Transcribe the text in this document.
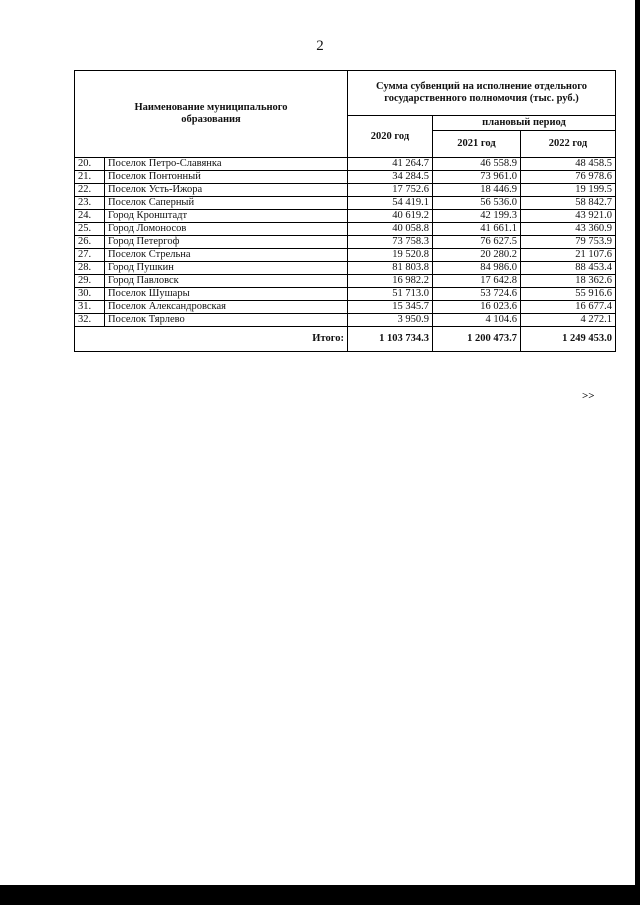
2
Наименование муниципального образования		Сумма субвенций на исполнение отдельного государственного полномочия (тыс. руб.)		
		2020 год	плановый период	
			2021 год	2022 год
20.	Поселок Петро-Славянка	41 264.7	46 558.9	48 458.5
21.	Поселок Понтонный	34 284.5	73 961.0	76 978.6
22.	Поселок Усть-Ижора	17 752.6	18 446.9	19 199.5
23.	Поселок Саперный	54 419.1	56 536.0	58 842.7
24.	Город Кронштадт	40 619.2	42 199.3	43 921.0
25.	Город Ломоносов	40 058.8	41 661.1	43 360.9
26.	Город Петергоф	73 758.3	76 627.5	79 753.9
27.	Поселок Стрельна	19 520.8	20 280.2	21 107.6
28.	Город Пушкин	81 803.8	84 986.0	88 453.4
29.	Город Павловск	16 982.2	17 642.8	18 362.6
30.	Поселок Шушары	51 713.0	53 724.6	55 916.6
31.	Поселок Александровская	15 345.7	16 023.6	16 677.4
32.	Поселок Тярлево	3 950.9	4 104.6	4 272.1
Итого:		1 103 734.3	1 200 473.7	1 249 453.0
>>
